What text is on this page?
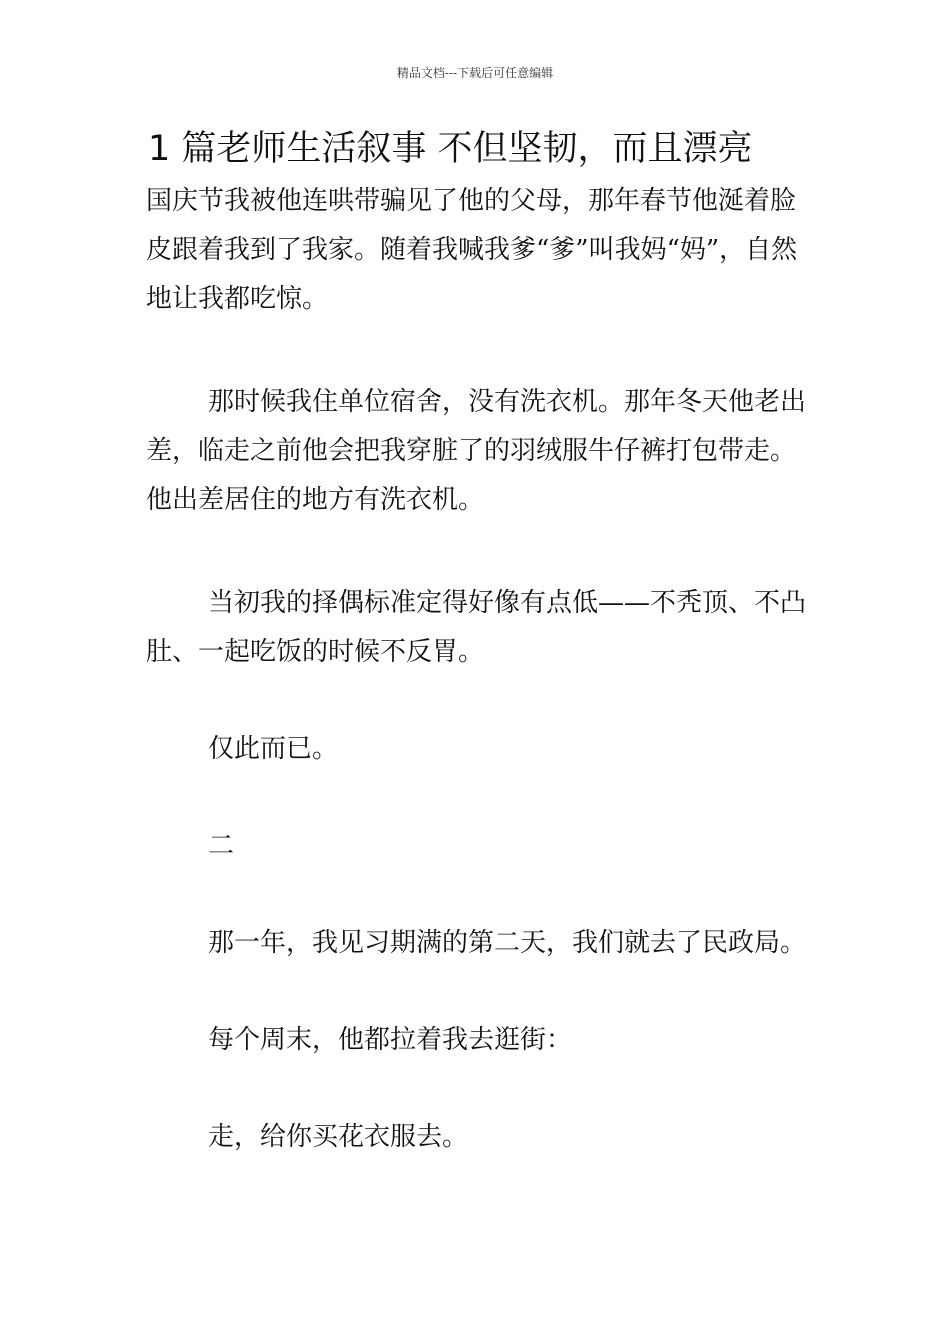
精品文档---下载后可任意编辑
1 篇老师生活叙事 不但坚韧，而且漂亮

国庆节我被他连哄带骗见了他的父母，那年春节他涎着脸皮跟着我到了我家。随着我喊我爹“爹”叫我妈“妈”，自然地让我都吃惊。

那时候我住单位宿舍，没有洗衣机。那年冬天他老出差，临走之前他会把我穿脏了的羽绒服牛仔裤打包带走。他出差居住的地方有洗衣机。

当初我的择偶标准定得好像有点低——不秃顶、不凸肚、一起吃饭的时候不反胃。

仅此而已。

二

那一年，我见习期满的第二天，我们就去了民政局。

每个周末，他都拉着我去逛街：

走，给你买花衣服去。
